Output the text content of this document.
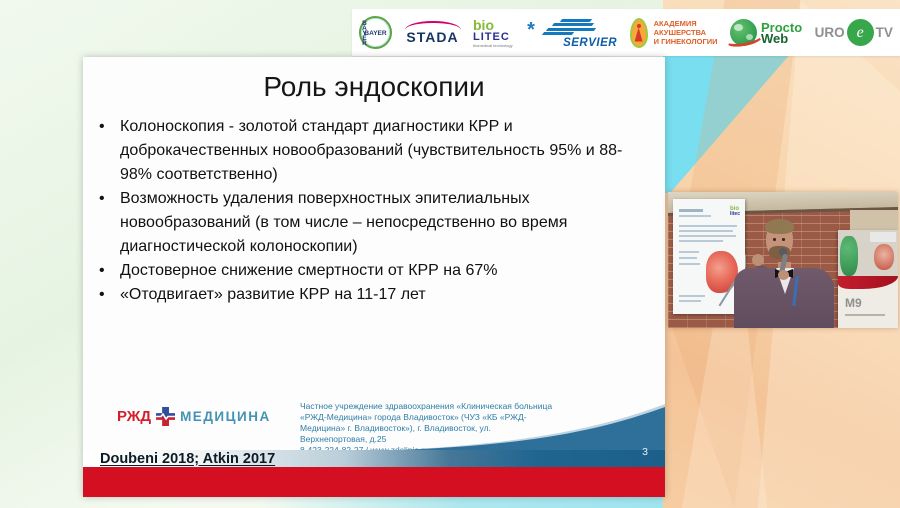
BAYER
BAYER STADA
bio
LITEC
biomedical technology
*
SERVIER
АКАДЕМИЯ
АКУШЕРСТВА
И ГИНЕКОЛОГИИ
Procto
Web	URO e TV
Роль эндоскопии
• Колоноскопия - золотой стандарт диагностики КРР и доброкачественных новообразований (чувствительность 95% и 88-98% соответственно)
• Возможность удаления поверхностных эпителиальных новообразований (в том числе – непосредственно во время диагностической колоноскопии)
• Достоверное снижение смертности от КРР на 67%
• «Отодвигает» развитие КРР на 11-17 лет
РЖД МЕДИЦИНА
Частное учреждение здравоохранения «Клиническая больница «РЖД-Медицина» города Владивосток» (ЧУЗ «КБ «РЖД-Медицина» г. Владивосток»), г. Владивосток, ул. Верхнепортовая, д.25
Doubeni 2018; Atkin 2017	3
bio
litec
M9
